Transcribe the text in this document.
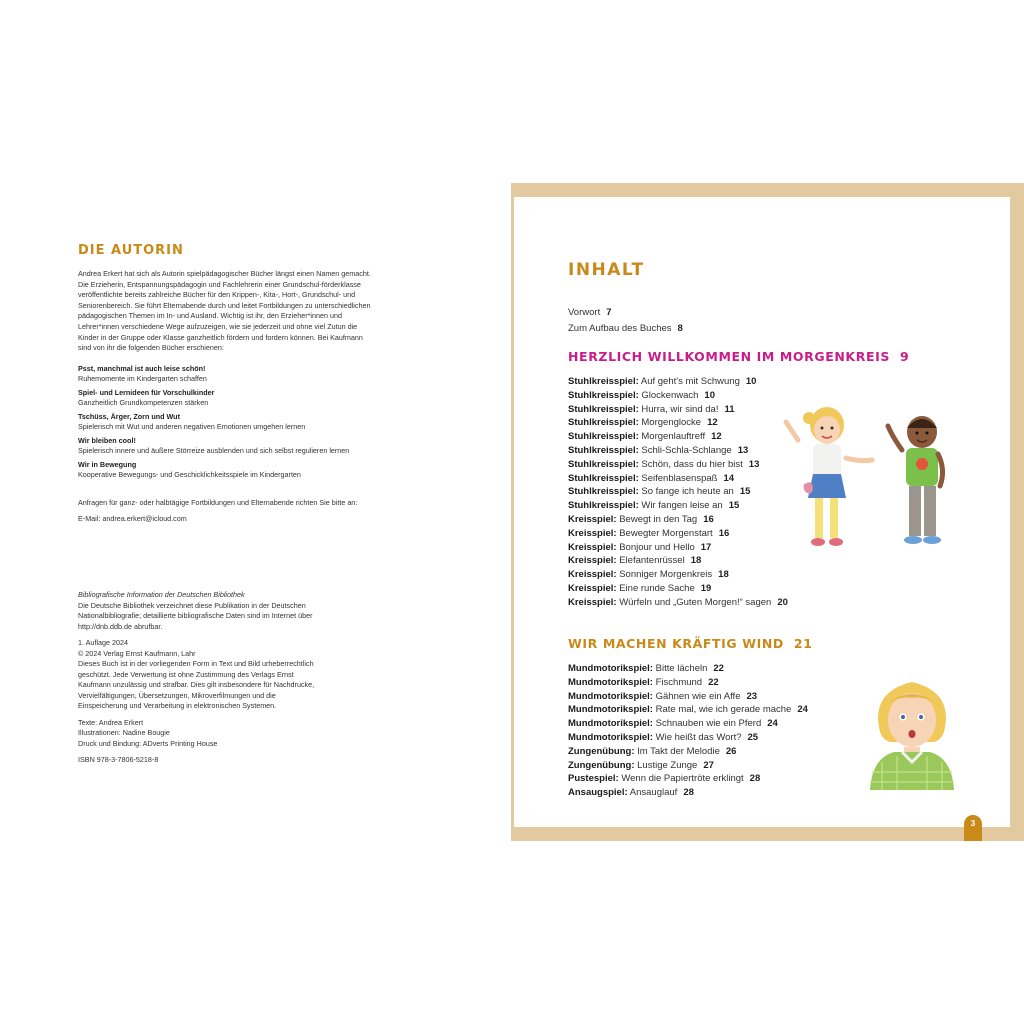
DIE AUTORIN

Andrea Erkert hat sich als Autorin spielpädagogischer Bücher längst einen Namen gemacht. Die Erzieherin, Entspannungspädagogin und Fachlehrerin einer Grundschul-förderklasse veröffentlichte bereits zahlreiche Bücher für den Krippen-, Kita-, Hort-, Grundschul- und Seniorenbereich. Sie führt Elternabende durch und leitet Fortbildungen zu unterschiedlichen pädagogischen Themen im In- und Ausland. Wichtig ist ihr, den Erzieher*innen und Lehrer*innen verschiedene Wege aufzuzeigen, wie sie jederzeit und ohne viel Zutun die Kinder in der Gruppe oder Klasse ganzheitlich fördern und fordern können. Bei Kaufmann sind von ihr die folgenden Bücher erschienen:

Psst, manchmal ist auch leise schön!
Ruhemomente im Kindergarten schaffen
Spiel- und Lernideen für Vorschulkinder
Ganzheitlich Grundkompetenzen stärken
Tschüss, Ärger, Zorn und Wut
Spielerisch mit Wut und anderen negativen Emotionen umgehen lernen
Wir bleiben cool!
Spielerisch innere und äußere Störreize ausblenden und sich selbst regulieren lernen
Wir in Bewegung
Kooperative Bewegungs- und Geschicklichkeitsspiele im Kindergarten

Anfragen für ganz- oder halbtägige Fortbildungen und Elternabende richten Sie bitte an:

E-Mail: andrea.erkert@icloud.com

Bibliografische Information der Deutschen Bibliothek
Die Deutsche Bibliothek verzeichnet diese Publikation in der Deutschen Nationalbibliografie; detaillierte bibliografische Daten sind im Internet über http://dnb.ddb.de abrufbar.

1. Auflage 2024
© 2024 Verlag Ernst Kaufmann, Lahr
Dieses Buch ist in der vorliegenden Form in Text und Bild urheberrechtlich geschützt. Jede Verwertung ist ohne Zustimmung des Verlags Ernst Kaufmann unzulässig und strafbar. Dies gilt insbesondere für Nachdrucke, Vervielfältigungen, Übersetzungen, Mikroverfilmungen und die Einspeicherung und Verarbeitung in elektronischen Systemen.

Texte: Andrea Erkert
Illustrationen: Nadine Bougie
Druck und Bindung: ADverts Printing House

ISBN 978-3-7806-5218-8

INHALT
Vorwort 7
Zum Aufbau des Buches 8
HERZLICH WILLKOMMEN IM MORGENKREIS 9
Stuhlkreisspiel: Auf geht's mit Schwung 10
Stuhlkreisspiel: Glockenwach 10
Stuhlkreisspiel: Hurra, wir sind da! 11
Stuhlkreisspiel: Morgenglocke 12
Stuhlkreisspiel: Morgenlauftreff 12
Stuhlkreisspiel: Schli-Schla-Schlange 13
Stuhlkreisspiel: Schön, dass du hier bist 13
Stuhlkreisspiel: Seifenblasenspaß 14
Stuhlkreisspiel: So fange ich heute an 15
Stuhlkreisspiel: Wir fangen leise an 15
Kreisspiel: Bewegt in den Tag 16
Kreisspiel: Bewegter Morgenstart 16
Kreisspiel: Bonjour und Hello 17
Kreisspiel: Elefantenrüssel 18
Kreisspiel: Sonniger Morgenkreis 18
Kreisspiel: Eine runde Sache 19
Kreisspiel: Würfeln und „Guten Morgen!“ sagen 20
WIR MACHEN KRÄFTIG WIND 21
Mundmotorikspiel: Bitte lächeln 22
Mundmotorikspiel: Fischmund 22
Mundmotorikspiel: Gähnen wie ein Affe 23
Mundmotorikspiel: Rate mal, wie ich gerade mache 24
Mundmotorikspiel: Schnauben wie ein Pferd 24
Mundmotorikspiel: Wie heißt das Wort? 25
Zungenübung: Im Takt der Melodie 26
Zungenübung: Lustige Zunge 27
Pustespiel: Wenn die Papiertröte erklingt 28
Ansaugspiel: Ansauglauf 28
3
